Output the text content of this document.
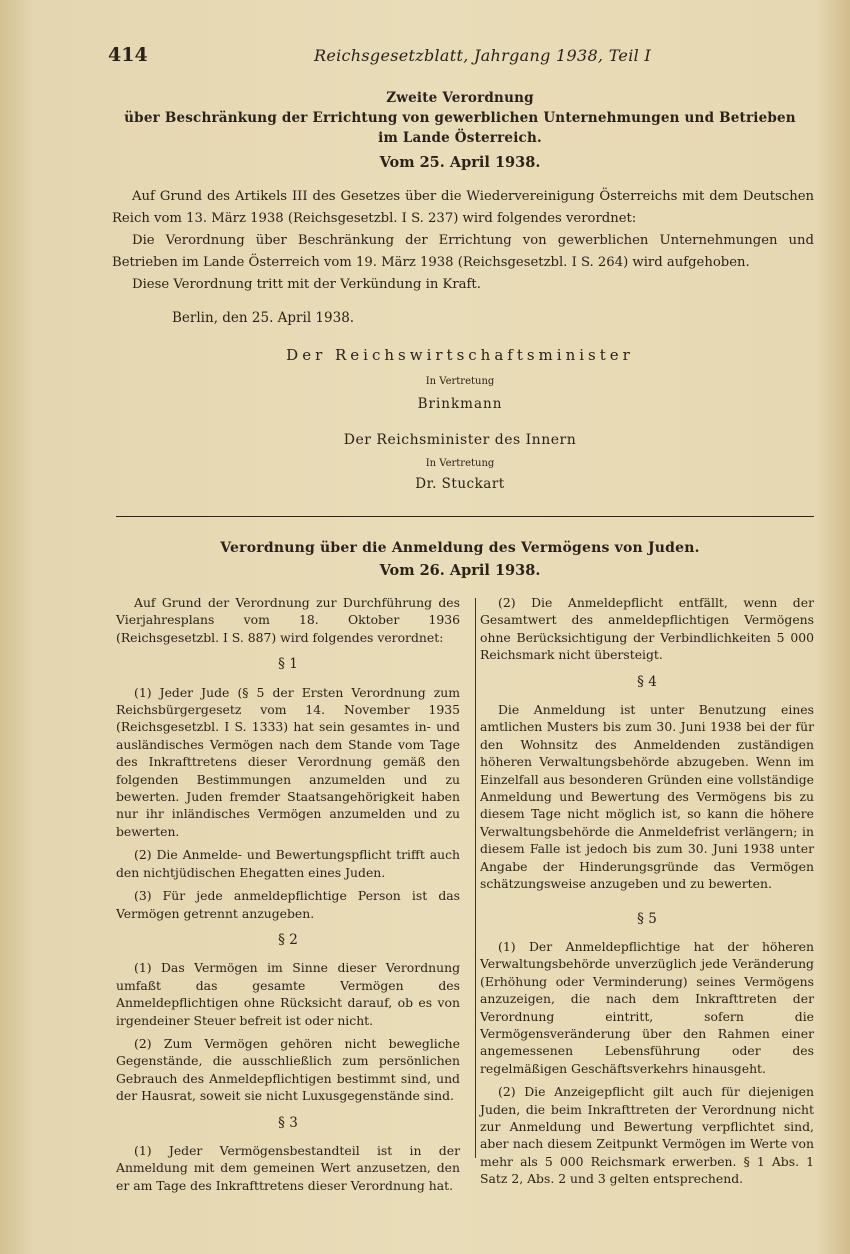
414	Reichsgesetzblatt, Jahrgang 1938, Teil I
Zweite Verordnung
über Beschränkung der Errichtung von gewerblichen Unternehmungen und Betrieben
im Lande Österreich.
Vom 25. April 1938.

Auf Grund des Artikels III des Gesetzes über die Wiedervereinigung Österreichs mit dem Deutschen Reich vom 13. März 1938 (Reichsgesetzbl. I S. 237) wird folgendes verordnet:

Die Verordnung über Beschränkung der Errichtung von gewerblichen Unternehmungen und Betrieben im Lande Österreich vom 19. März 1938 (Reichsgesetzbl. I S. 264) wird aufgehoben.

Diese Verordnung tritt mit der Verkündung in Kraft.

Berlin, den 25. April 1938.
Der Reichswirtschaftsminister
In Vertretung
Brinkmann
Der Reichsminister des Innern
In Vertretung
Dr. Stuckart
Verordnung über die Anmeldung des Vermögens von Juden.
Vom 26. April 1938.

Auf Grund der Verordnung zur Durchführung des Vierjahresplans vom 18. Oktober 1936 (Reichsgesetzbl. I S. 887) wird folgendes verordnet:

§ 1

(1) Jeder Jude (§ 5 der Ersten Verordnung zum Reichsbürgergesetz vom 14. November 1935 (Reichsgesetzbl. I S. 1333) hat sein gesamtes in- und ausländisches Vermögen nach dem Stande vom Tage des Inkrafttretens dieser Verordnung gemäß den folgenden Bestimmungen anzumelden und zu bewerten. Juden fremder Staatsangehörigkeit haben nur ihr inländisches Vermögen anzumelden und zu bewerten.

(2) Die Anmelde- und Bewertungspflicht trifft auch den nichtjüdischen Ehegatten eines Juden.

(3) Für jede anmeldepflichtige Person ist das Vermögen getrennt anzugeben.

§ 2

(1) Das Vermögen im Sinne dieser Verordnung umfaßt das gesamte Vermögen des Anmeldepflichtigen ohne Rücksicht darauf, ob es von irgendeiner Steuer befreit ist oder nicht.

(2) Zum Vermögen gehören nicht bewegliche Gegenstände, die ausschließlich zum persönlichen Gebrauch des Anmeldepflichtigen bestimmt sind, und der Hausrat, soweit sie nicht Luxusgegenstände sind.

§ 3

(1) Jeder Vermögensbestandteil ist in der Anmeldung mit dem gemeinen Wert anzusetzen, den er am Tage des Inkrafttretens dieser Verordnung hat.

(2) Die Anmeldepflicht entfällt, wenn der Gesamtwert des anmeldepflichtigen Vermögens ohne Berücksichtigung der Verbindlichkeiten 5 000 Reichsmark nicht übersteigt.

§ 4

Die Anmeldung ist unter Benutzung eines amtlichen Musters bis zum 30. Juni 1938 bei der für den Wohnsitz des Anmeldenden zuständigen höheren Verwaltungsbehörde abzugeben. Wenn im Einzelfall aus besonderen Gründen eine vollständige Anmeldung und Bewertung des Vermögens bis zu diesem Tage nicht möglich ist, so kann die höhere Verwaltungsbehörde die Anmeldefrist verlängern; in diesem Falle ist jedoch bis zum 30. Juni 1938 unter Angabe der Hinderungsgründe das Vermögen schätzungsweise anzugeben und zu bewerten.

§ 5

(1) Der Anmeldepflichtige hat der höheren Verwaltungsbehörde unverzüglich jede Veränderung (Erhöhung oder Verminderung) seines Vermögens anzuzeigen, die nach dem Inkrafttreten der Verordnung eintritt, sofern die Vermögensveränderung über den Rahmen einer angemessenen Lebensführung oder des regelmäßigen Geschäftsverkehrs hinausgeht.

(2) Die Anzeigepflicht gilt auch für diejenigen Juden, die beim Inkrafttreten der Verordnung nicht zur Anmeldung und Bewertung verpflichtet sind, aber nach diesem Zeitpunkt Vermögen im Werte von mehr als 5 000 Reichsmark erwerben. § 1 Abs. 1 Satz 2, Abs. 2 und 3 gelten entsprechend.
